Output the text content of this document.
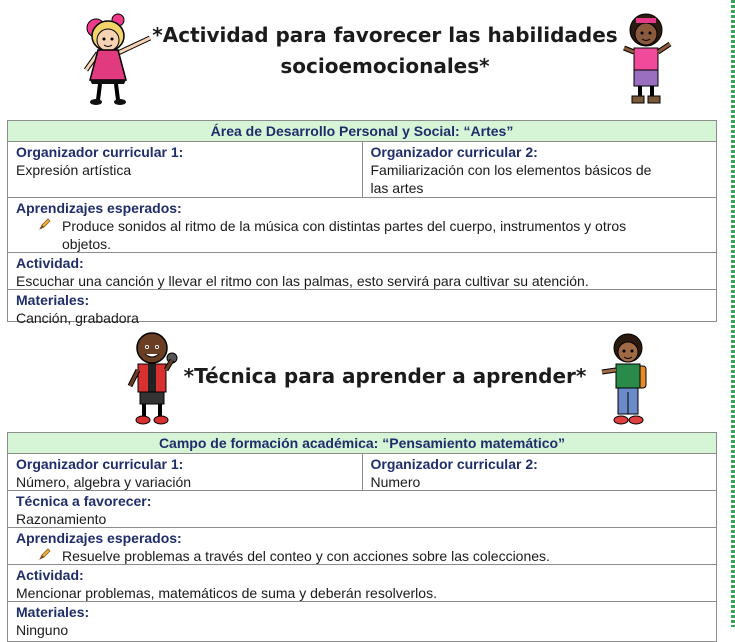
*Actividad para favorecer las habilidades
socioemocionales*
Área de Desarrollo Personal y Social: “Artes”
Organizador curricular 1:
Expresión artística
Organizador curricular 2:
Familiarización con los elementos básicos de
las artes
Aprendizajes esperados:
Produce sonidos al ritmo de la música con distintas partes del cuerpo, instrumentos y otros
objetos.
Actividad:
Escuchar una canción y llevar el ritmo con las palmas, esto servirá para cultivar su atención.
Materiales:
Canción, grabadora
*Técnica para aprender a aprender*
Campo de formación académica: “Pensamiento matemático”
Organizador curricular 1:
Número, algebra y variación
Organizador curricular 2:
Numero
Técnica a favorecer:
Razonamiento
Aprendizajes esperados:
Resuelve problemas a través del conteo y con acciones sobre las colecciones.
Actividad:
Mencionar problemas, matemáticos de suma y deberán resolverlos.
Materiales:
Ninguno
